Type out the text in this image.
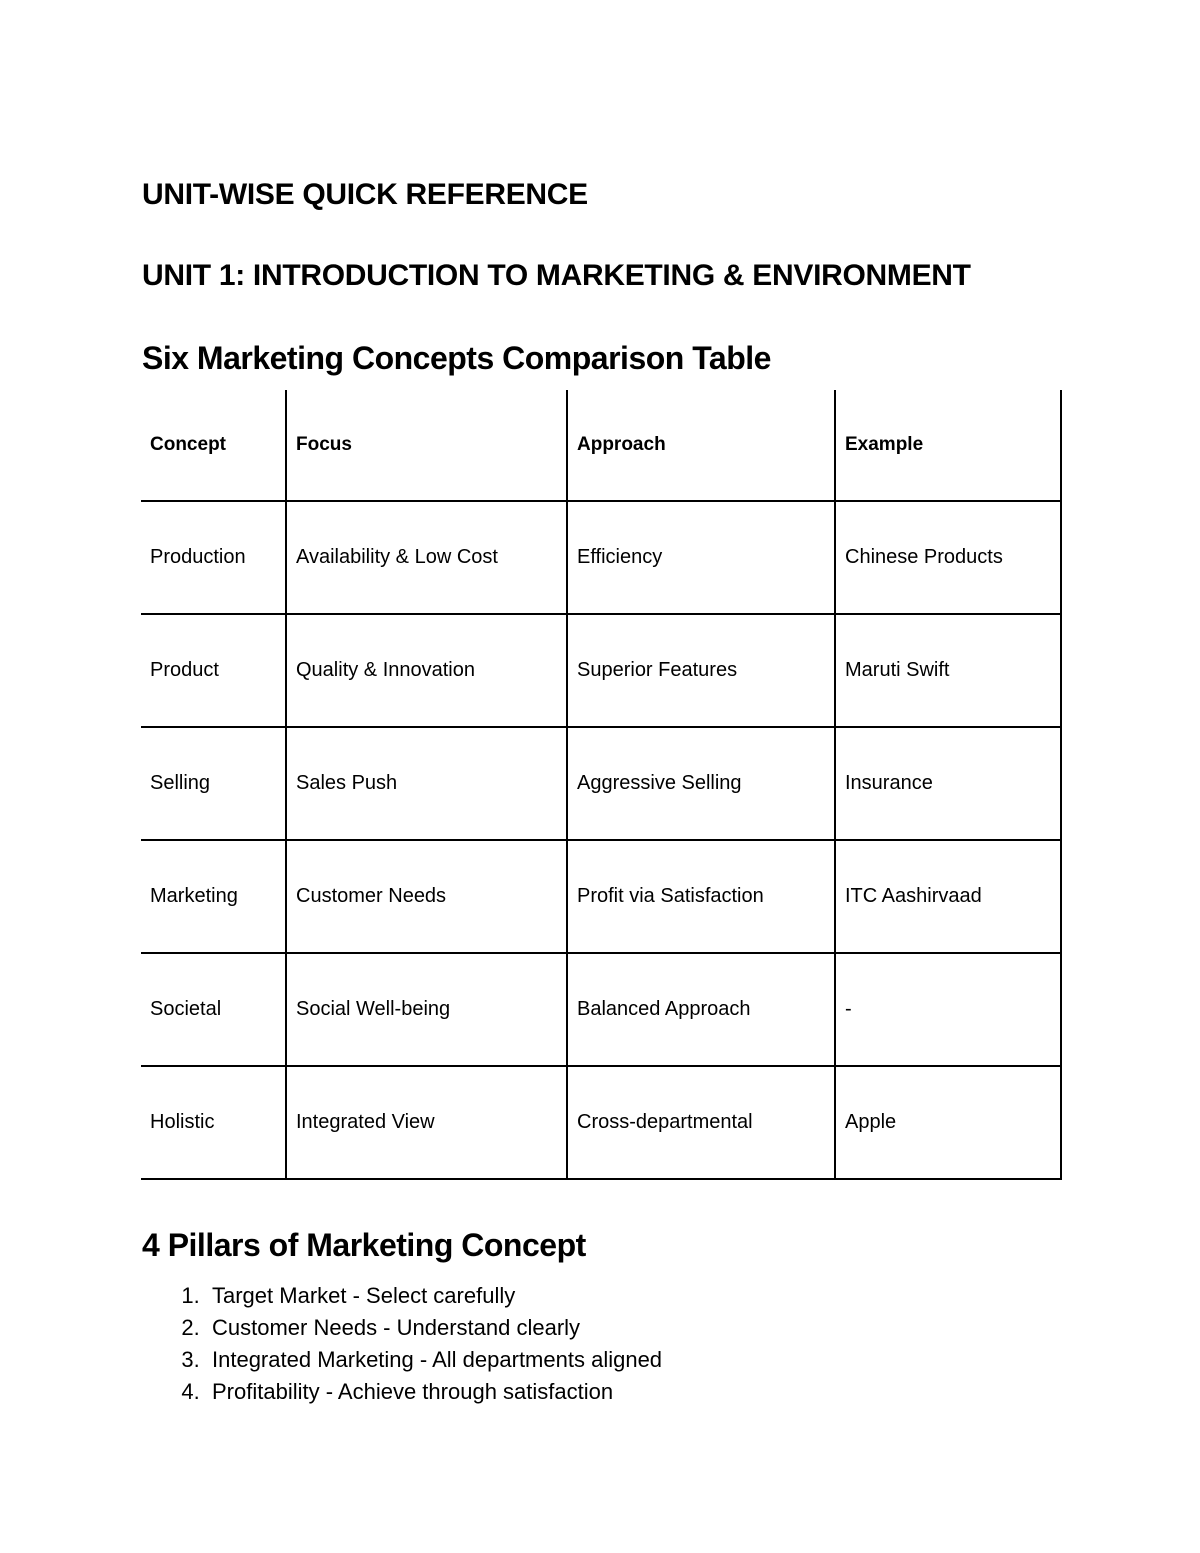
UNIT-WISE QUICK REFERENCE
UNIT 1: INTRODUCTION TO MARKETING & ENVIRONMENT
Six Marketing Concepts Comparison Table
Concept	Focus	Approach	Example
Production	Availability & Low Cost	Efficiency	Chinese Products
Product	Quality & Innovation	Superior Features	Maruti Swift
Selling	Sales Push	Aggressive Selling	Insurance
Marketing	Customer Needs	Profit via Satisfaction	ITC Aashirvaad
Societal	Social Well-being	Balanced Approach	-
Holistic	Integrated View	Cross-departmental	Apple
4 Pillars of Marketing Concept
1. Target Market - Select carefully
2. Customer Needs - Understand clearly
3. Integrated Marketing - All departments aligned
4. Profitability - Achieve through satisfaction
